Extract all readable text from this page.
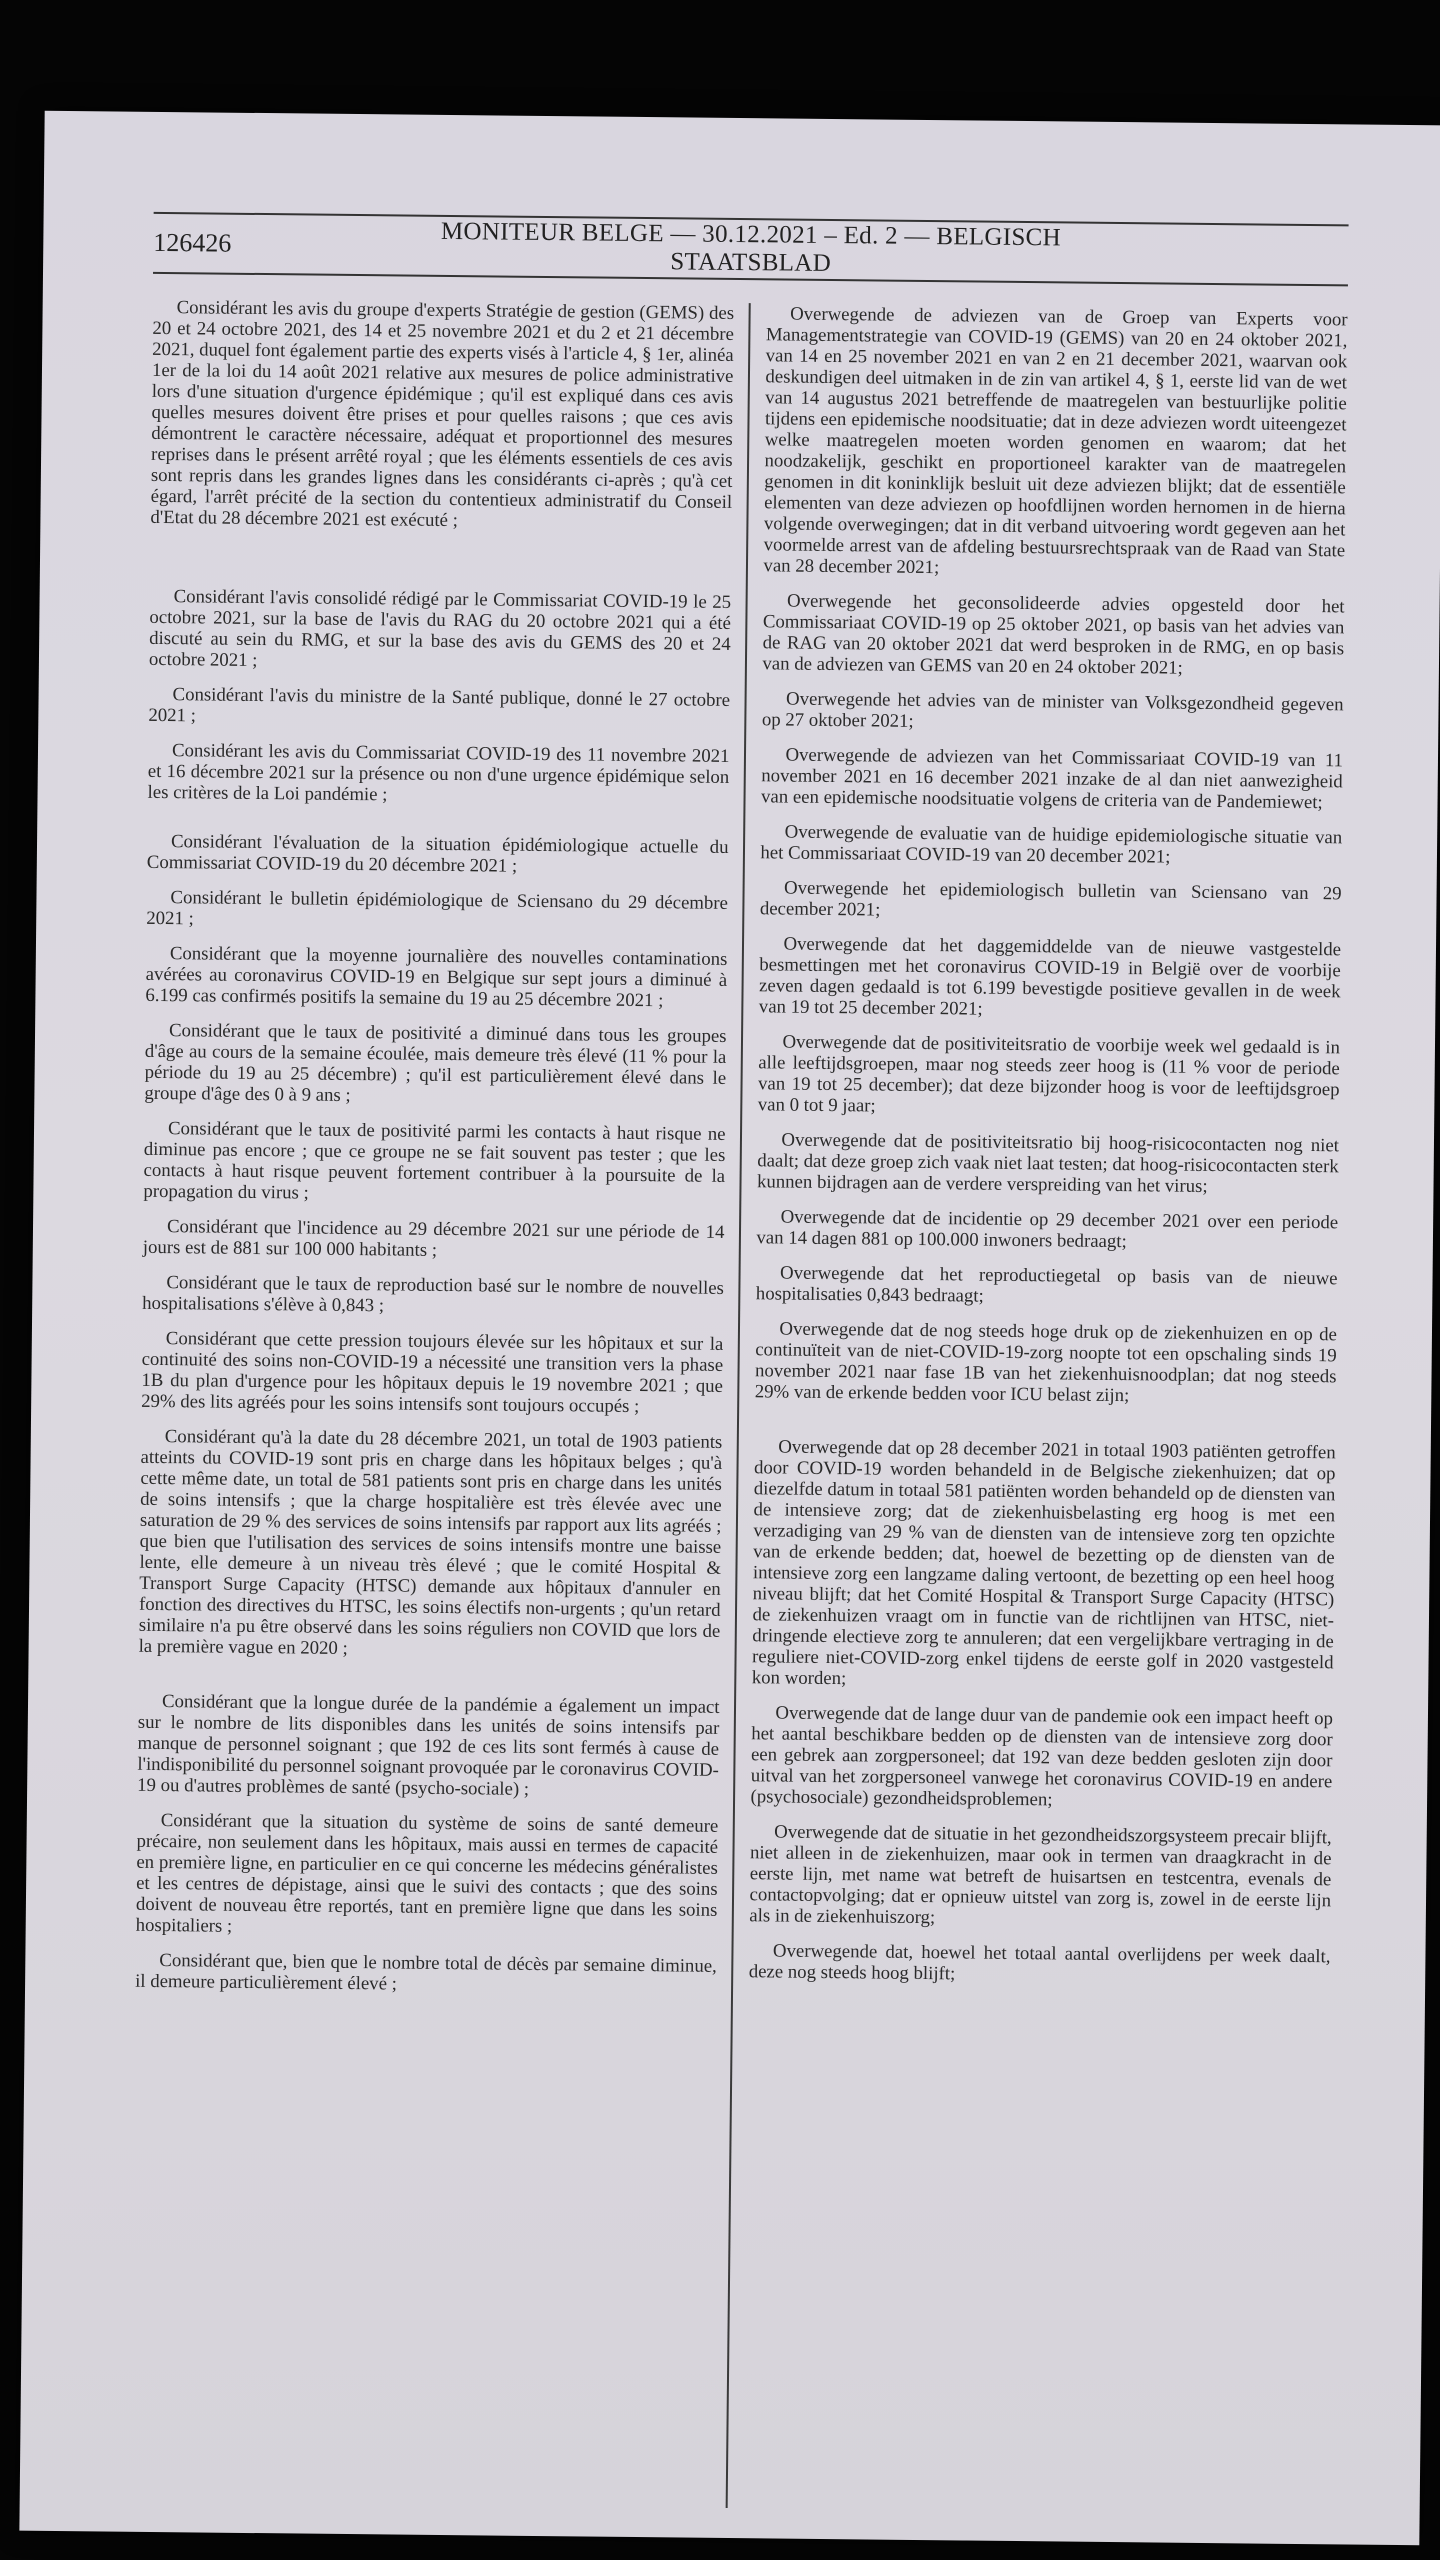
126426	MONITEUR BELGE — 30.12.2021 – Ed. 2 — BELGISCH STAATSBLAD

Considérant les avis du groupe d'experts Stratégie de gestion (GEMS) des 20 et 24 octobre 2021, des 14 et 25 novembre 2021 et du 2 et 21 décembre 2021, duquel font également partie des experts visés à l'article 4, § 1er, alinéa 1er de la loi du 14 août 2021 relative aux mesures de police administrative lors d'une situation d'urgence épidémique ; qu'il est expliqué dans ces avis quelles mesures doivent être prises et pour quelles raisons ; que ces avis démontrent le caractère nécessaire, adéquat et proportionnel des mesures reprises dans le présent arrêté royal ; que les éléments essentiels de ces avis sont repris dans les grandes lignes dans les considérants ci-après ; qu'à cet égard, l'arrêt précité de la section du contentieux administratif du Conseil d'Etat du 28 décembre 2021 est exécuté ;

Considérant l'avis consolidé rédigé par le Commissariat COVID-19 le 25 octobre 2021, sur la base de l'avis du RAG du 20 octobre 2021 qui a été discuté au sein du RMG, et sur la base des avis du GEMS des 20 et 24 octobre 2021 ;

Considérant l'avis du ministre de la Santé publique, donné le 27 octobre 2021 ;

Considérant les avis du Commissariat COVID-19 des 11 novembre 2021 et 16 décembre 2021 sur la présence ou non d'une urgence épidémique selon les critères de la Loi pandémie ;

Considérant l'évaluation de la situation épidémiologique actuelle du Commissariat COVID-19 du 20 décembre 2021 ;

Considérant le bulletin épidémiologique de Sciensano du 29 décembre 2021 ;

Considérant que la moyenne journalière des nouvelles contaminations avérées au coronavirus COVID-19 en Belgique sur sept jours a diminué à 6.199 cas confirmés positifs la semaine du 19 au 25 décembre 2021 ;

Considérant que le taux de positivité a diminué dans tous les groupes d'âge au cours de la semaine écoulée, mais demeure très élevé (11 % pour la période du 19 au 25 décembre) ; qu'il est particulièrement élevé dans le groupe d'âge des 0 à 9 ans ;

Considérant que le taux de positivité parmi les contacts à haut risque ne diminue pas encore ; que ce groupe ne se fait souvent pas tester ; que les contacts à haut risque peuvent fortement contribuer à la poursuite de la propagation du virus ;

Considérant que l'incidence au 29 décembre 2021 sur une période de 14 jours est de 881 sur 100 000 habitants ;

Considérant que le taux de reproduction basé sur le nombre de nouvelles hospitalisations s'élève à 0,843 ;

Considérant que cette pression toujours élevée sur les hôpitaux et sur la continuité des soins non-COVID-19 a nécessité une transition vers la phase 1B du plan d'urgence pour les hôpitaux depuis le 19 novembre 2021 ; que 29% des lits agréés pour les soins intensifs sont toujours occupés ;

Considérant qu'à la date du 28 décembre 2021, un total de 1903 patients atteints du COVID-19 sont pris en charge dans les hôpitaux belges ; qu'à cette même date, un total de 581 patients sont pris en charge dans les unités de soins intensifs ; que la charge hospitalière est très élevée avec une saturation de 29 % des services de soins intensifs par rapport aux lits agréés ; que bien que l'utilisation des services de soins intensifs montre une baisse lente, elle demeure à un niveau très élevé ; que le comité Hospital & Transport Surge Capacity (HTSC) demande aux hôpitaux d'annuler en fonction des directives du HTSC, les soins électifs non-urgents ; qu'un retard similaire n'a pu être observé dans les soins réguliers non COVID que lors de la première vague en 2020 ;

Considérant que la longue durée de la pandémie a également un impact sur le nombre de lits disponibles dans les unités de soins intensifs par manque de personnel soignant ; que 192 de ces lits sont fermés à cause de l'indisponibilité du personnel soignant provoquée par le coronavirus COVID-19 ou d'autres problèmes de santé (psycho-sociale) ;

Considérant que la situation du système de soins de santé demeure précaire, non seulement dans les hôpitaux, mais aussi en termes de capacité en première ligne, en particulier en ce qui concerne les médecins généralistes et les centres de dépistage, ainsi que le suivi des contacts ; que des soins doivent de nouveau être reportés, tant en première ligne que dans les soins hospitaliers ;

Considérant que, bien que le nombre total de décès par semaine diminue, il demeure particulièrement élevé ;

Overwegende de adviezen van de Groep van Experts voor Managementstrategie van COVID-19 (GEMS) van 20 en 24 oktober 2021, van 14 en 25 november 2021 en van 2 en 21 december 2021, waarvan ook deskundigen deel uitmaken in de zin van artikel 4, § 1, eerste lid van de wet van 14 augustus 2021 betreffende de maatregelen van bestuurlijke politie tijdens een epidemische noodsituatie; dat in deze adviezen wordt uiteengezet welke maatregelen moeten worden genomen en waarom; dat het noodzakelijk, geschikt en proportioneel karakter van de maatregelen genomen in dit koninklijk besluit uit deze adviezen blijkt; dat de essentiële elementen van deze adviezen op hoofdlijnen worden hernomen in de hierna volgende overwegingen; dat in dit verband uitvoering wordt gegeven aan het voormelde arrest van de afdeling bestuursrechtspraak van de Raad van State van 28 december 2021;

Overwegende het geconsolideerde advies opgesteld door het Commissariaat COVID-19 op 25 oktober 2021, op basis van het advies van de RAG van 20 oktober 2021 dat werd besproken in de RMG, en op basis van de adviezen van GEMS van 20 en 24 oktober 2021;

Overwegende het advies van de minister van Volksgezondheid gegeven op 27 oktober 2021;

Overwegende de adviezen van het Commissariaat COVID-19 van 11 november 2021 en 16 december 2021 inzake de al dan niet aanwezigheid van een epidemische noodsituatie volgens de criteria van de Pandemiewet;

Overwegende de evaluatie van de huidige epidemiologische situatie van het Commissariaat COVID-19 van 20 december 2021;

Overwegende het epidemiologisch bulletin van Sciensano van 29 december 2021;

Overwegende dat het daggemiddelde van de nieuwe vastgestelde besmettingen met het coronavirus COVID-19 in België over de voorbije zeven dagen gedaald is tot 6.199 bevestigde positieve gevallen in de week van 19 tot 25 december 2021;

Overwegende dat de positiviteitsratio de voorbije week wel gedaald is in alle leeftijdsgroepen, maar nog steeds zeer hoog is (11 % voor de periode van 19 tot 25 december); dat deze bijzonder hoog is voor de leeftijdsgroep van 0 tot 9 jaar;

Overwegende dat de positiviteitsratio bij hoog-risicocontacten nog niet daalt; dat deze groep zich vaak niet laat testen; dat hoog-risicocontacten sterk kunnen bijdragen aan de verdere verspreiding van het virus;

Overwegende dat de incidentie op 29 december 2021 over een periode van 14 dagen 881 op 100.000 inwoners bedraagt;

Overwegende dat het reproductiegetal op basis van de nieuwe hospitalisaties 0,843 bedraagt;

Overwegende dat de nog steeds hoge druk op de ziekenhuizen en op de continuïteit van de niet-COVID-19-zorg noopte tot een opschaling sinds 19 november 2021 naar fase 1B van het ziekenhuisnoodplan; dat nog steeds 29% van de erkende bedden voor ICU belast zijn;

Overwegende dat op 28 december 2021 in totaal 1903 patiënten getroffen door COVID-19 worden behandeld in de Belgische ziekenhuizen; dat op diezelfde datum in totaal 581 patiënten worden behandeld op de diensten van de intensieve zorg; dat de ziekenhuisbelasting erg hoog is met een verzadiging van 29 % van de diensten van de intensieve zorg ten opzichte van de erkende bedden; dat, hoewel de bezetting op de diensten van de intensieve zorg een langzame daling vertoont, de bezetting op een heel hoog niveau blijft; dat het Comité Hospital & Transport Surge Capacity (HTSC) de ziekenhuizen vraagt om in functie van de richtlijnen van HTSC, niet-dringende electieve zorg te annuleren; dat een vergelijkbare vertraging in de reguliere niet-COVID-zorg enkel tijdens de eerste golf in 2020 vastgesteld kon worden;

Overwegende dat de lange duur van de pandemie ook een impact heeft op het aantal beschikbare bedden op de diensten van de intensieve zorg door een gebrek aan zorgpersoneel; dat 192 van deze bedden gesloten zijn door uitval van het zorgpersoneel vanwege het coronavirus COVID-19 en andere (psychosociale) gezondheidsproblemen;

Overwegende dat de situatie in het gezondheidszorgsysteem precair blijft, niet alleen in de ziekenhuizen, maar ook in termen van draagkracht in de eerste lijn, met name wat betreft de huisartsen en testcentra, evenals de contactopvolging; dat er opnieuw uitstel van zorg is, zowel in de eerste lijn als in de ziekenhuiszorg;

Overwegende dat, hoewel het totaal aantal overlijdens per week daalt, deze nog steeds hoog blijft;
